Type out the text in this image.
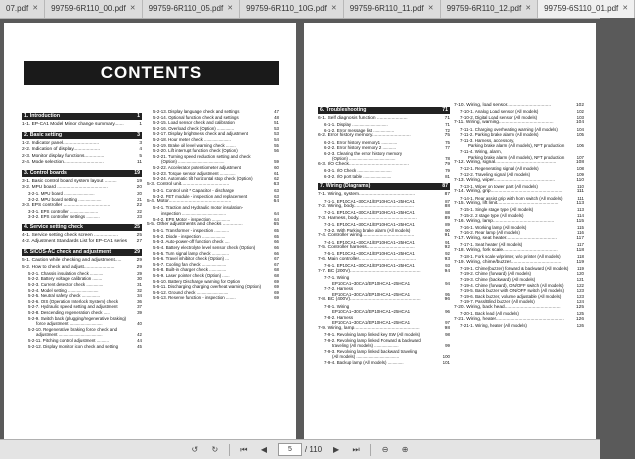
07.pdf ✕ 99759-6R110_00.pdf ✕ 99759-6R110_05.pdf ✕ 99759-6R110_10G.pdf ✕ 99759-6R110_11.pdf ✕ 99759-6R110_12.pdf ✕ 99759-6S110_01.pdf ✕
CONTENTS
1. Introduction	1
1-1. EP-CA1 Model Minor change summary.......	1
2. Basic setting	3
1-2. Indicator panel...........................	3
2-2. Indication of display....................	4
2-3. Monitor display functions...............	5
2-4. Mode selection..............................	11
3. Control boards	19
3-1. Basic control board system layout .........	19
3-2. MPU board ......................................	20
3-2-1. MPU board .........................	20
3-2-2. MPU board setting ...................	21
3-3. EPS controller ...................................	22
3-3-1. EPS controller .......................	22
3-3-2. EPS controller settings ...........	23
4. Service setting check	25
4-1. Service setting check screen ..................	25
4-2. Adjustment Standards List for EP-CA1 series	27
5. SICOS-AC check and adjustment	29
5-1. Caution while checking and adjustment.....	29
5-2. How to check and adjust.......................	29
5-2-1. Chassis insulation check ...........	29
5-2-2. Battery voltage calibration ........	30
5-2-3. Current detector check ..............	31
5-2-4. Model setting .........................	32
5-2-5. Neutral safety check ...............	34
5-2-6. OIS (Operation Interlock System) check	36
5-2-7. Hydraulic speed setting and adjustment	37
5-2-8. Descending regeneration check .....	39
5-2-9. Switch back (plugging/regenerative braking)
force adjustment ...........................	40
5-2-10. Regenerative braking force check and
adjustment ....................................	42
5-2-11. Pitching control adjustment ..........	44
5-2-12. Display monitor icon check and setting	45
5-2-13. Display language check and settings	47
5-2-14. Optional function check and settings	48
5-2-15. Load sensor check and calibration	51
5-2-16. Overload check (Option) ..............	53
5-2-17. Display brightness check and adjustment	53
5-2-18. Hour meter check ......................	54
5-2-19. Brake oil level warning check ........	55
5-2-20. Lift interrupt function check (Option)	56
5-2-21. Turning speed reduction setting and check
(Option) ......................................	59
5-2-22. Accelerator potentiometer adjustment	60
5-2-23. Torque sensor adjustment .............	61
5-2-24. Automatic tilt horizontal stop check (Option)	62
5-3. Control unit....................................	63
5-3-1. Control unit * Capacitor - discharge	63
5-3-2. FET module - inspection and replacement	63
5-4. Motor...............................................	64
5-4-1. Traction and Hydraulic motor insulation-
inspection ....................................	64
5-4-2. EPS Motor - inspection ...............	64
5-5. Other adjustments and checks ...............	65
5-5-1. Transformer - inspection ............	65
5-5-2. Diode - inspection ...................	65
5-5-3. Auto-power-off function check ....	66
5-5-4. Battery electrolyte level sensor check (Option)	66
5-5-5. Turn signal lamp check ..............	66
5-5-6. Travel inhibitor check (Option) ...	67
5-5-7. Cooling fan check ....................	67
5-5-8. Built-in charger check ..............	68
5-5-9. Laser pointer check (Option) ......	68
5-5-10. Battery Discharge warning for Option	69
5-5-11. Discharging charging overheat warning (Option)	69
5-5-12. Ground check ..........................	69
5-5-13. Reserve function - inspection ........	69
6. Troubleshooting	71
6-1. Self diagnosis function .......................	71
6-1-1. Display .............................	71
6-1-2. Error message list .................	72
6-2. Error history memory.............................	75
6-2-1. Error history memory1 .............	75
6-2-2. Error history memory 2 ...........	77
6-2-3. Clearing the error history memory
(Option) ......................................	78
6-3. I/O Check.............................................	79
6-3-1. I/O Check ............................	79
6-3-2. I/O port table .......................	81
7. Wiring (Diagrams)	87
7-1. Wiring, system..........................................	87
7-1-1. EP10CA1~30CA1/EP10HCA1~25HCA1	87
7-2. Wiring, body.............................................	88
7-2-1. EP10CA1~30CA1/EP10HCA1~25HCA1	88
7-3. Harness, body............................................	89
7-3-1. EP10CA1~30CA1/EP10HCA1~25HCA1	89
7-3-2. With Parking brake alarm (All models)	90
7-4. Controller wiring.......................................	91
7-4-1. EP10CA1~30CA1/EP10HCA1~25HCA1	91
7-5. Controller harness....................................	92
7-5-1. EP10CA1~30CA1/EP10HCA1~25HCA1	92
7-6. Main controller...........................................	93
7-6-1. EP10CA1~30CA1/EP10HCA1~25HCA1	93
7-7. BC (200V).....................................................	94
7-7-1. Wiring
EP10CA1~30CA1/EP10HCA1~25HCA1	94
7-7-2. Harness
EP10CA1~30CA1/EP10HCA1~25HCA1	95
7-8. BC (400V).....................................................	96
7-8-1. Wiring
EP10CA1~30CA1/EP10HCA1~25HCA1	96
7-8-2. Harness
EP10CA1~30CA1/EP10HCA1~25HCA1	97
7-9. Wiring, lamp.................................................	98
7-9-1. Revolving lamp linked key SW (All models)	98
7-9-2. Revolving lamp linked Forward & backward
traveling (All models) ....................	99
7-9-3. Revolving lamp linked backward traveling
(All models) ...................................	100
7-9-4. Backup lamp (All models) .............	101
7-10. Wiring, load sensor.................................	102
7-10-1. Analog Load sensor (All models)	102
7-10-2. Digital Load sensor (All models)	103
7-11. Wiring, warning.........................................	104
7-11-1. Charging overheating warning (All models)	104
7-11-2. Parking brake alarm (All models)	105
7-11-3. Harness, accessory,
Parking brake alarm (All models), NFT production	106
7-11-4. Wiring, alarm,
Parking brake alarm (All models), NFT production	107
7-12. Wiring, signal..............................................	108
7-12-1. Regenerating signal (All models)	108
7-12-2. Traveling signal (All models)	109
7-13. Wiring, wiper..............................................	110
7-13-1. Wiper on tower part (All models)	110
7-14. Wiring, grip......................................................	111
7-14-1. Rear assist grip with horn switch (All models)	111
7-15. Wiring, lift limit..............................................	113
7-15-1. Single stage type (All models)	113
7-15-2. 2 stage type (All models)	114
7-16. Wiring, lamp..............................................	115
7-16-1. Working lamp (All models)	115
7-16-2. Rear lamp (All models)	116
7-17. Wiring, seat heater......................................	117
7-17-1. Seat heater (All models)	117
7-18. Wiring, fork scale.........................................	118
7-18-1. Fork scale w/printer, w/o printer (All models)	118
7-19. Wiring, chime/buzzer......................................	119
7-19-1. Chime(buzzer) forward & backward (All models)	119
7-19-2. Chime (forward) (All models)	120
7-19-3. Chime (backward) (All models)	121
7-19-4. Chime (forward), ON/OFF switch (All models)	122
7-19-5. Back buzzer with ON/OFF switch (All models)	123
7-19-6. Back buzzer, volume adjustable (All models)	123
7-19-7. Pass/Blind buzzer (All models)	124
7-20. Wiring, back head..........................................	125
7-20-1. Back lead (All models)	125
7-21. Wiring, heater...................................................	126
7-21-1. Wiring, heater (All models)	126
↺	↻	⏮	◀	5	/ 110	▶	⏭	⊖	⊕
